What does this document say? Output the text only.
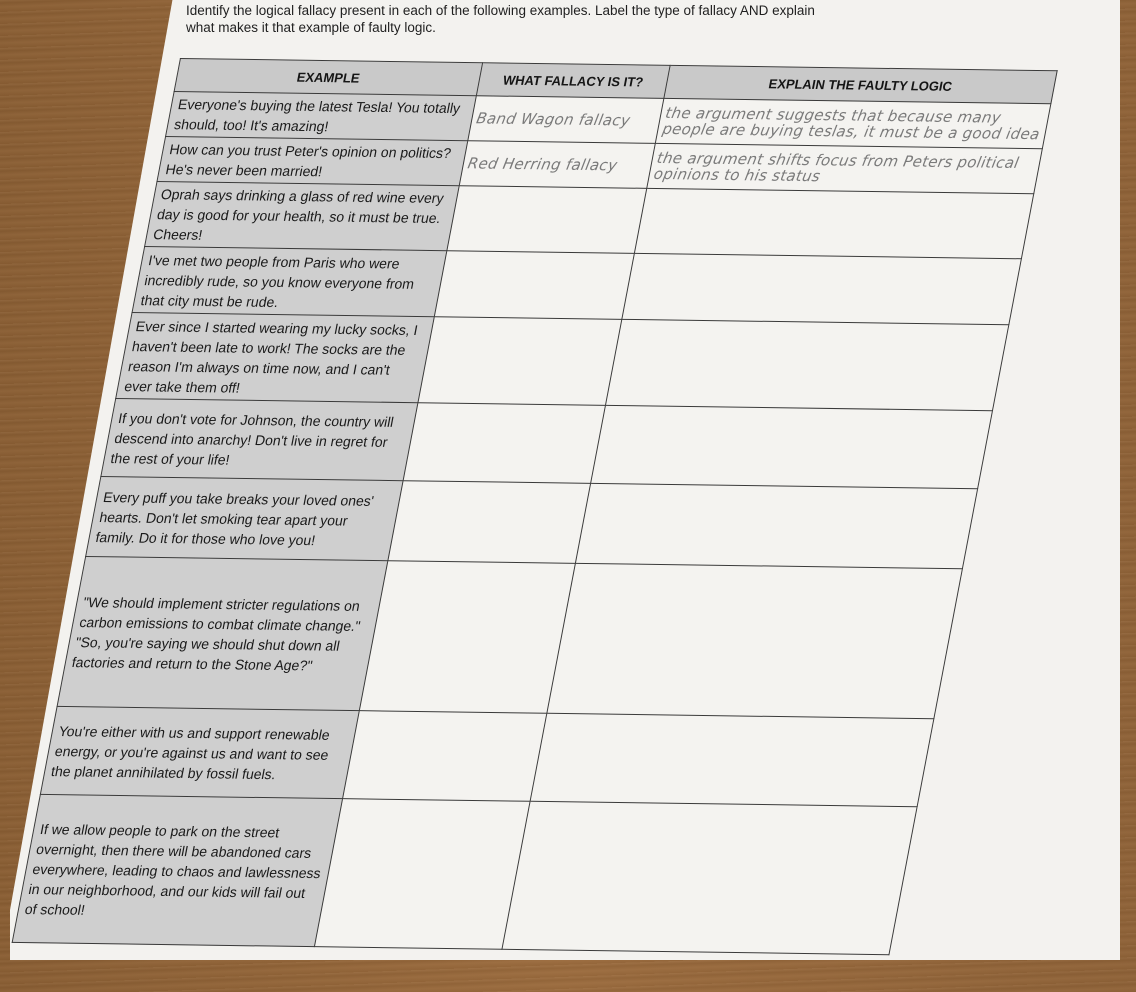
Identify the logical fallacy present in each of the following examples. Label the type of fallacy AND explain
what makes it that example of faulty logic.
EXAMPLE	WHAT FALLACY IS IT?	EXPLAIN THE FAULTY LOGIC
Everyone's buying the latest Tesla! You totally should, too! It's amazing!	Band Wagon fallacy	the argument suggests that because many people are buying teslas, it must be a good idea
How can you trust Peter's opinion on politics? He's never been married!	Red Herring fallacy	the argument shifts focus from Peters political opinions to his status
Oprah says drinking a glass of red wine every day is good for your health, so it must be true. Cheers!		
I've met two people from Paris who were incredibly rude, so you know everyone from that city must be rude.		
Ever since I started wearing my lucky socks, I haven't been late to work! The socks are the reason I'm always on time now, and I can't ever take them off!		
If you don't vote for Johnson, the country will descend into anarchy! Don't live in regret for the rest of your life!		
Every puff you take breaks your loved ones' hearts. Don't let smoking tear apart your family. Do it for those who love you!		
"We should implement stricter regulations on carbon emissions to combat climate change." "So, you're saying we should shut down all factories and return to the Stone Age?"		
You're either with us and support renewable energy, or you're against us and want to see the planet annihilated by fossil fuels.		
If we allow people to park on the street overnight, then there will be abandoned cars everywhere, leading to chaos and lawlessness in our neighborhood, and our kids will fail out of school!		
